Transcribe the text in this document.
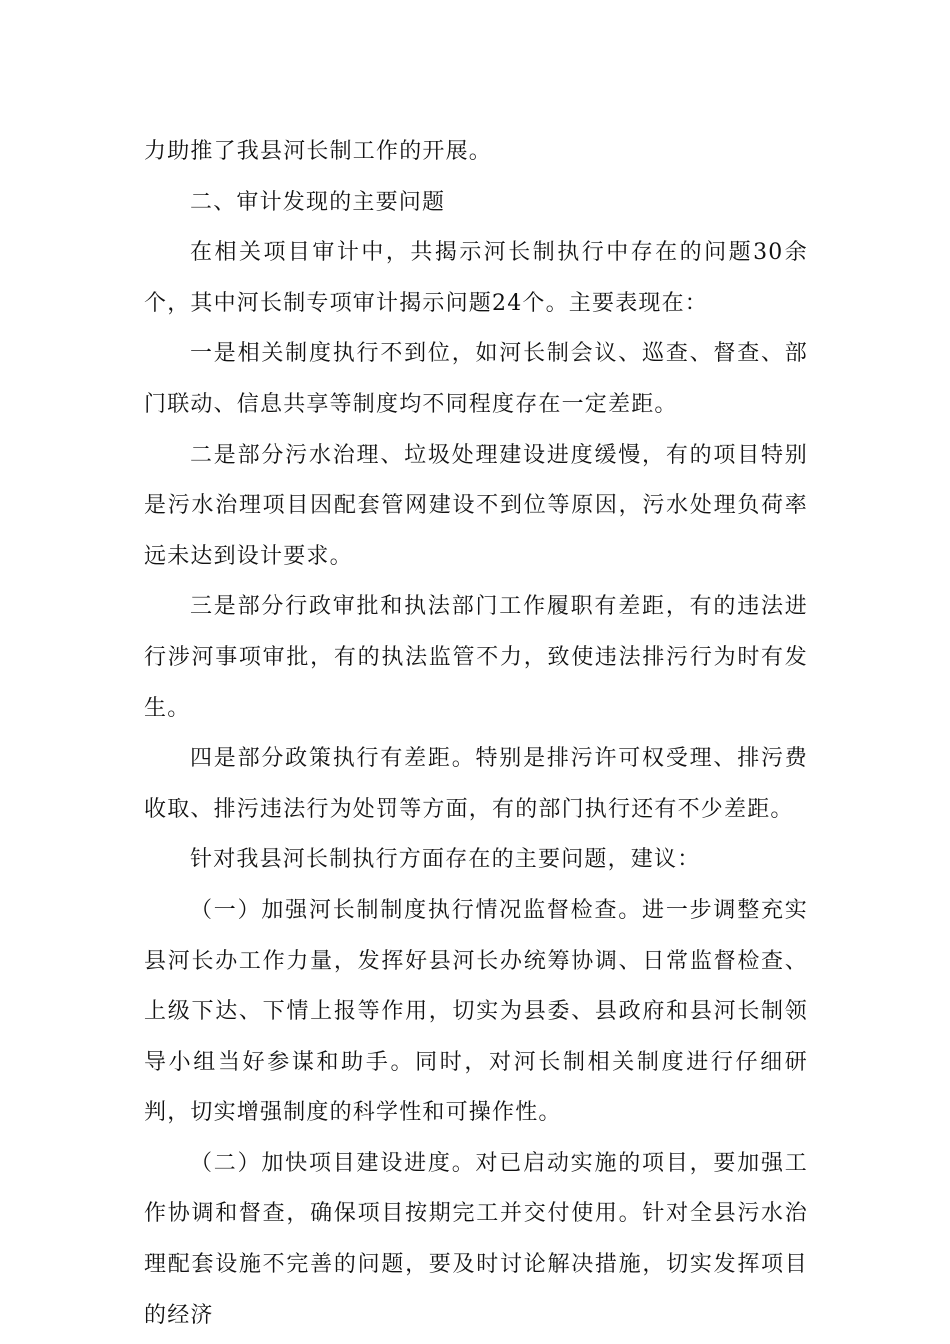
力助推了我县河长制工作的开展。

二、审计发现的主要问题

在相关项目审计中，共揭示河长制执行中存在的问题30余个，其中河长制专项审计揭示问题24个。主要表现在：

一是相关制度执行不到位，如河长制会议、巡查、督查、部门联动、信息共享等制度均不同程度存在一定差距。

二是部分污水治理、垃圾处理建设进度缓慢，有的项目特别是污水治理项目因配套管网建设不到位等原因，污水处理负荷率远未达到设计要求。

三是部分行政审批和执法部门工作履职有差距，有的违法进行涉河事项审批，有的执法监管不力，致使违法排污行为时有发生。

四是部分政策执行有差距。特别是排污许可权受理、排污费收取、排污违法行为处罚等方面，有的部门执行还有不少差距。

针对我县河长制执行方面存在的主要问题，建议：

（一）加强河长制制度执行情况监督检查。进一步调整充实县河长办工作力量，发挥好县河长办统筹协调、日常监督检查、上级下达、下情上报等作用，切实为县委、县政府和县河长制领导小组当好参谋和助手。同时，对河长制相关制度进行仔细研判，切实增强制度的科学性和可操作性。

（二）加快项目建设进度。对已启动实施的项目，要加强工作协调和督查，确保项目按期完工并交付使用。针对全县污水治理配套设施不完善的问题，要及时讨论解决措施，切实发挥项目的经济
